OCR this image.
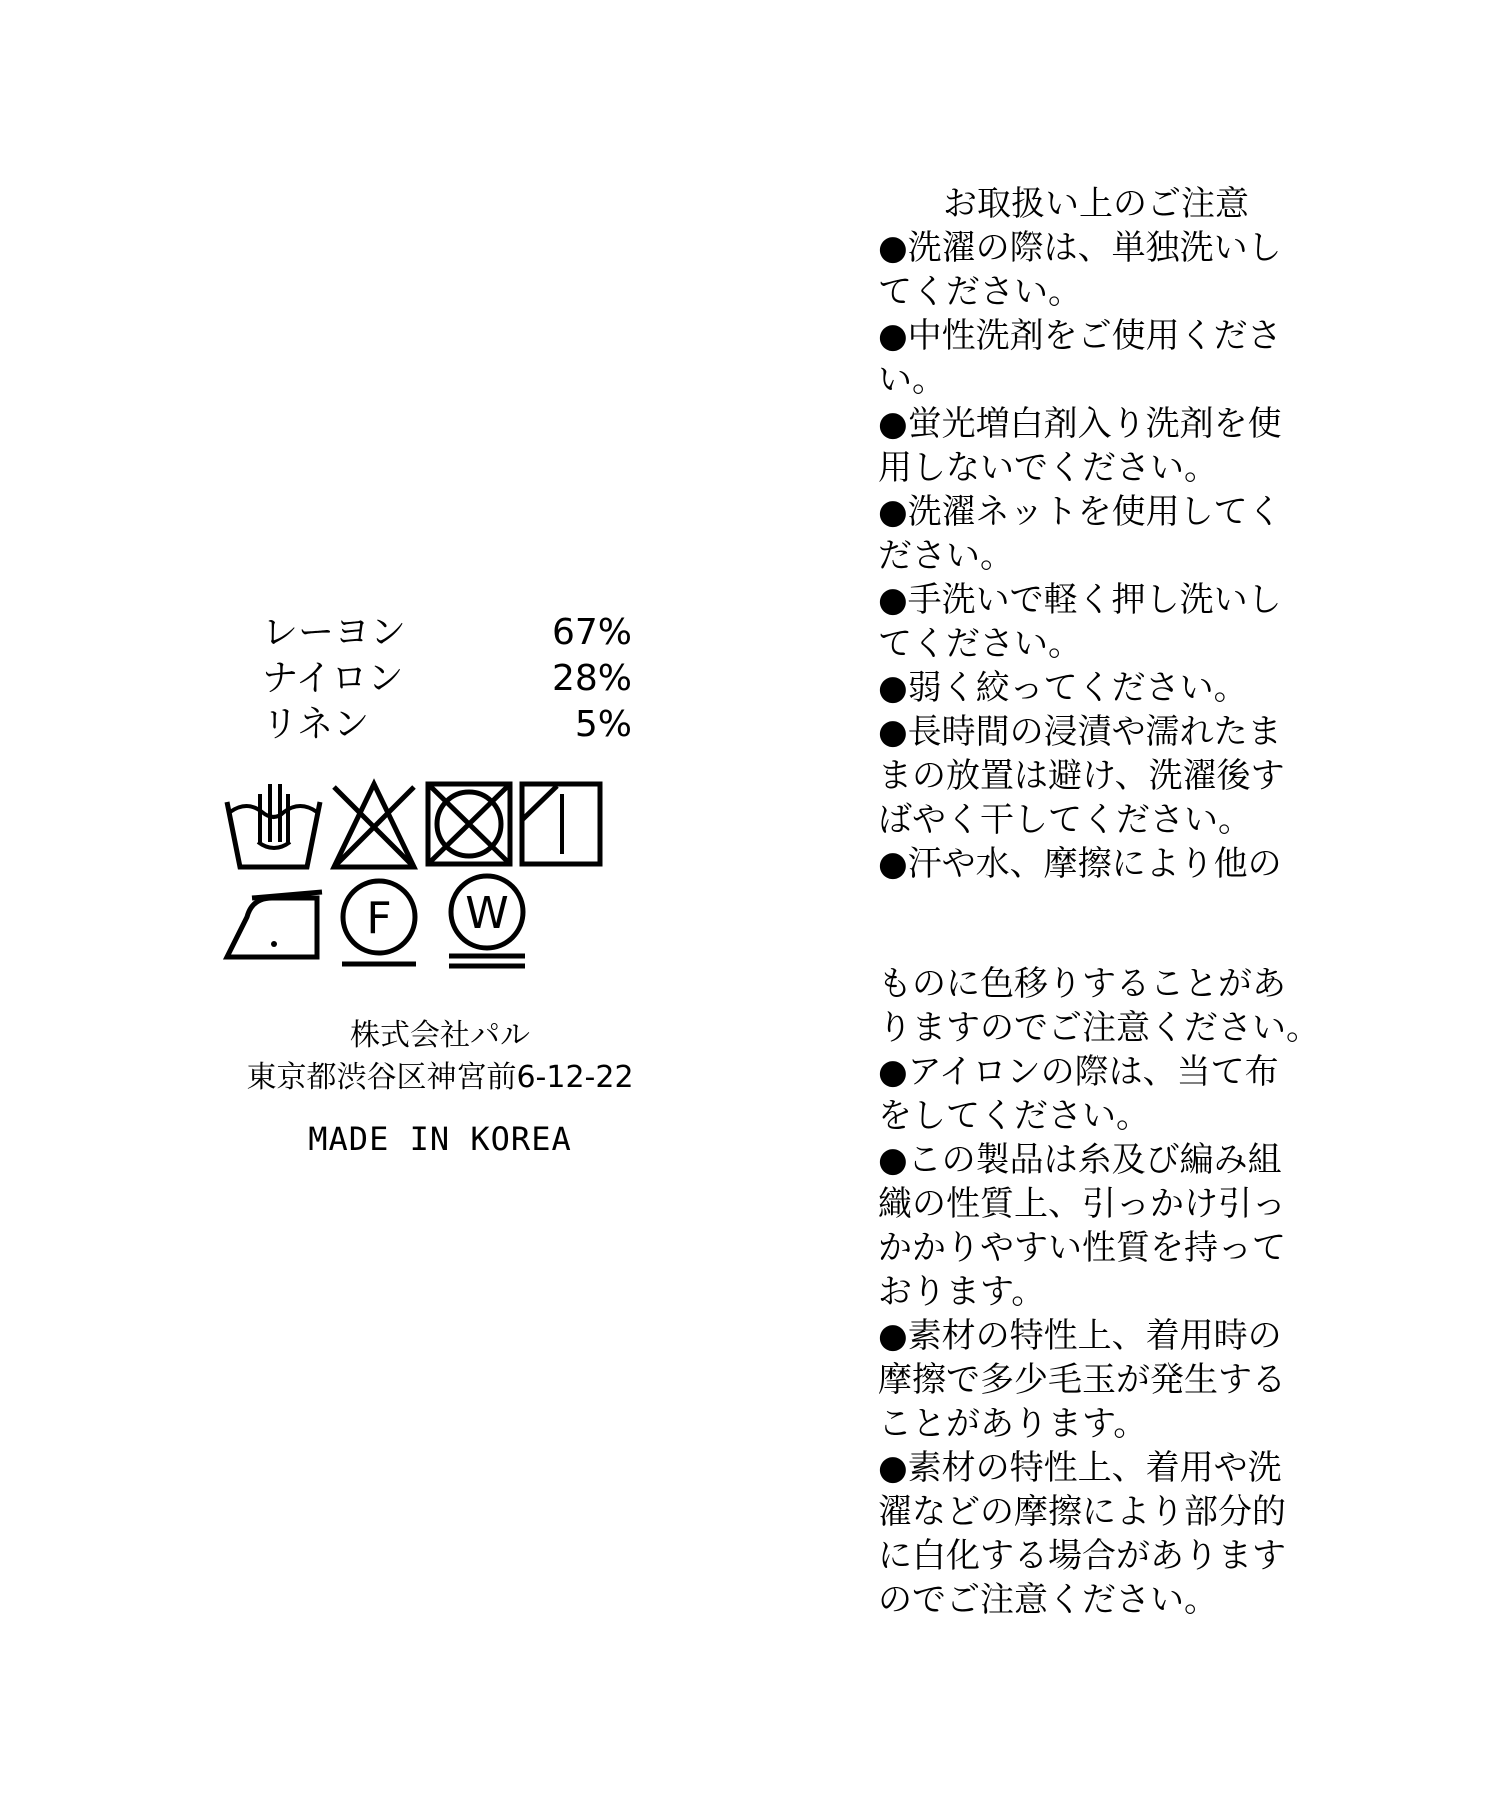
レーヨン	67%
ナイロン	28%
リネン	5%
F W
株式会社パル
東京都渋谷区神宮前6-12-22
MADE IN KOREA
お取扱い上のご注意
●洗濯の際は、単独洗いし
てください。
●中性洗剤をご使用くださ
い。
●蛍光増白剤入り洗剤を使
用しないでください。
●洗濯ネットを使用してく
ださい。
●手洗いで軽く押し洗いし
てください。
●弱く絞ってください。
●長時間の浸漬や濡れたま
まの放置は避け、洗濯後す
ばやく干してください。
●汗や水、摩擦により他の
ものに色移りすることがあ
りますのでご注意ください。
●アイロンの際は、当て布
をしてください。
●この製品は糸及び編み組
織の性質上、引っかけ引っ
かかりやすい性質を持って
おります。
●素材の特性上、着用時の
摩擦で多少毛玉が発生する
ことがあります。
●素材の特性上、着用や洗
濯などの摩擦により部分的
に白化する場合があります
のでご注意ください。
